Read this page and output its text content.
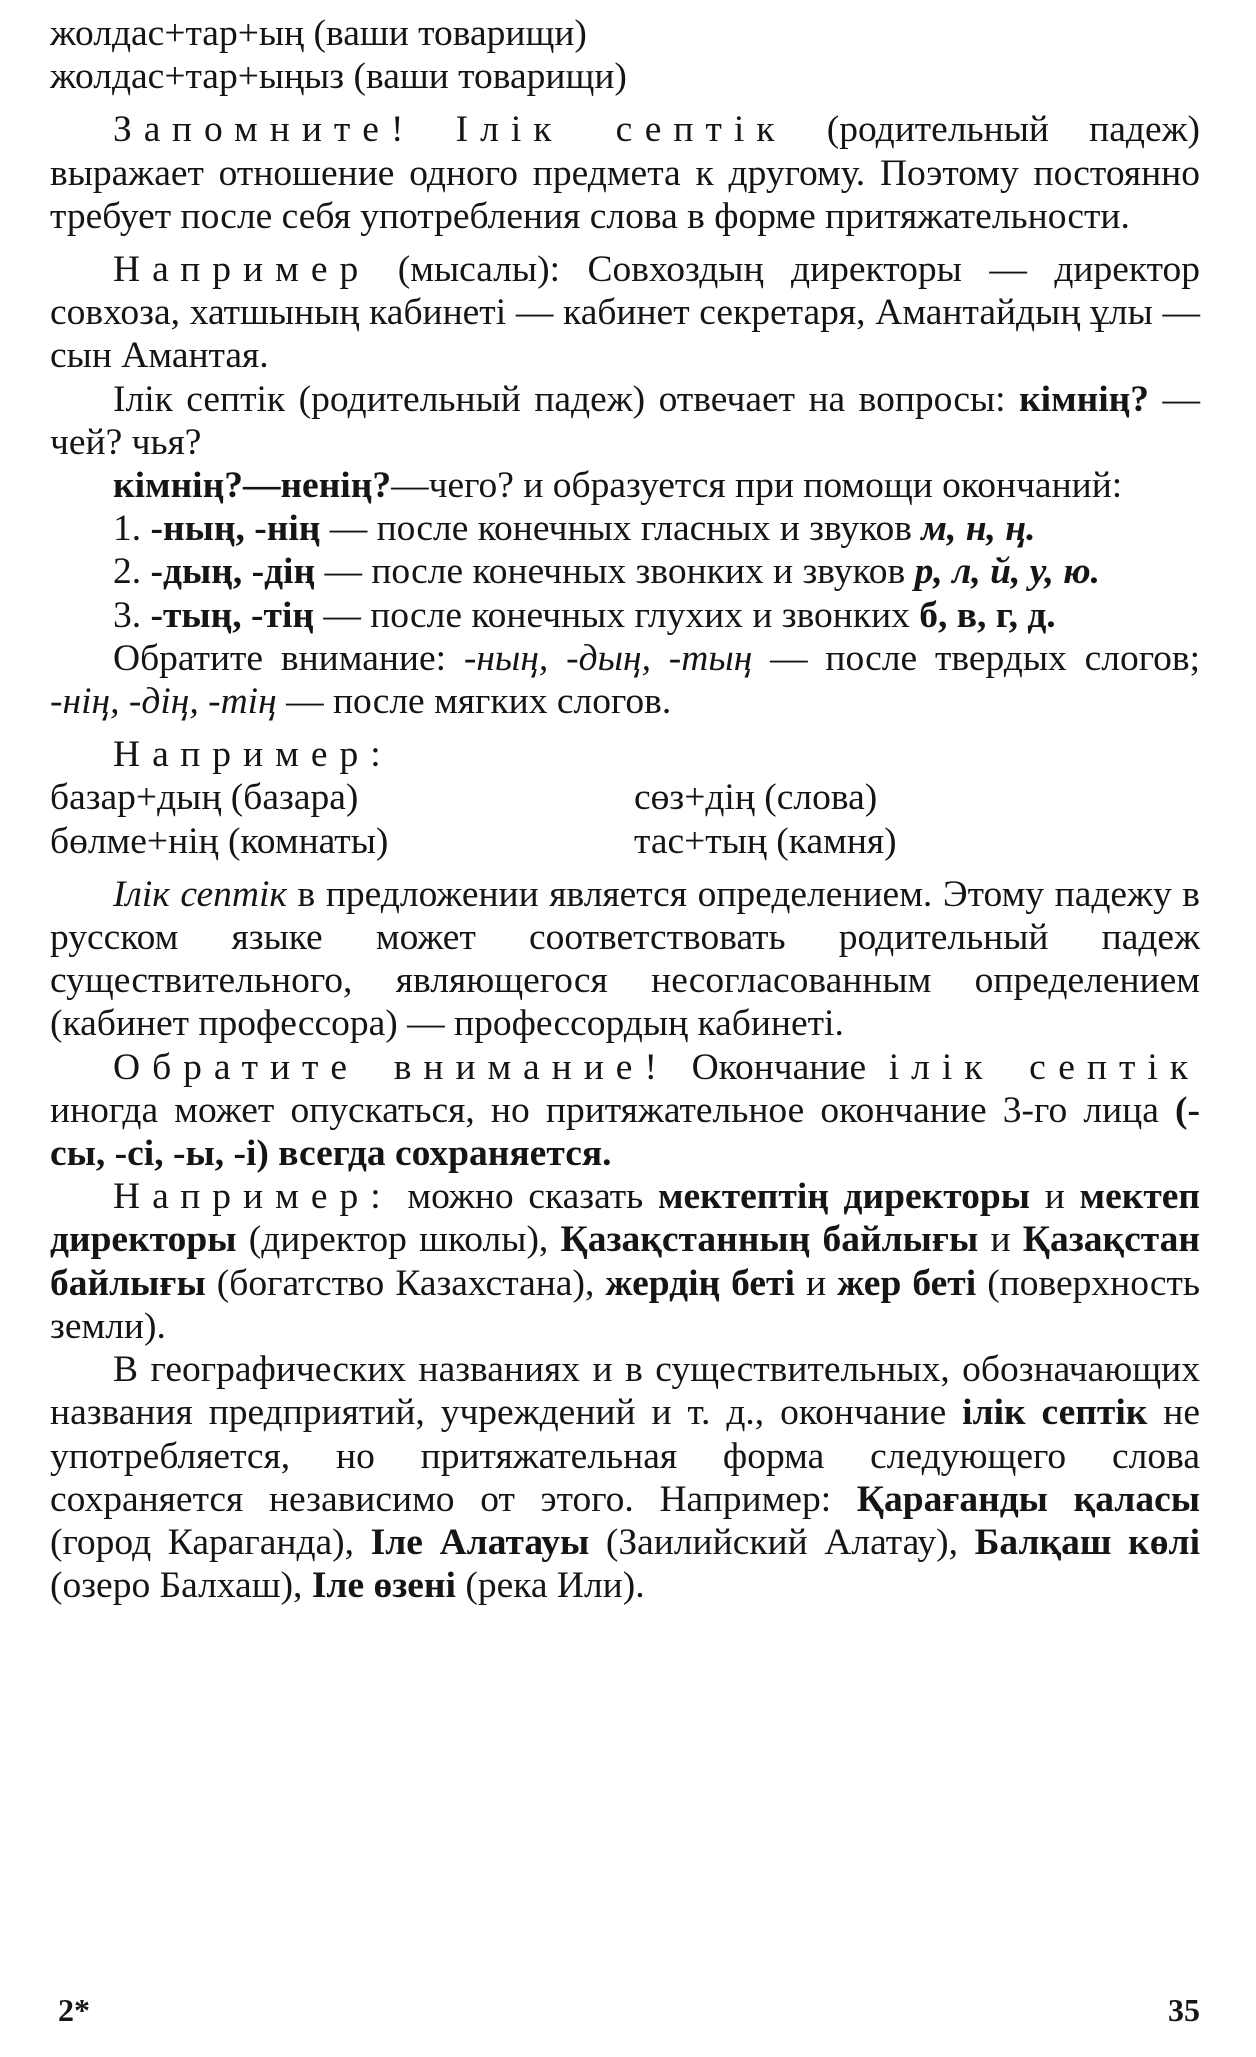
жолдас+тар+ың (ваши товарищи)

жолдас+тар+ыңыз (ваши товарищи)

Запомните! Ілік септік (родительный падеж) выражает отношение одного предмета к другому. Поэтому постоянно требует после себя употребления слова в форме притяжательности.

Например (мысалы): Совхоздың директоры — директор совхоза, хатшының кабинеті — кабинет секретаря, Амантайдың ұлы — сын Амантая.

Ілік септік (родительный падеж) отвечает на вопросы: кімнің? — чей? чья?

кімнің?—ненің?—чего? и образуется при помощи окончаний:

1. -ның, -нің — после конечных гласных и звуков м, н, ң.

2. -дың, -дің — после конечных звонких и звуков р, л, й, у, ю.

3. -тың, -тің — после конечных глухих и звонких б, в, г, д.

Обратите внимание: -ның, -дың, -тың — после твердых слогов; -нің, -дің, -тің — после мягких слогов.

Например:

базар+дың (базара)	сөз+дің (слова)
бөлме+нің (комнаты)	тас+тың (камня)

Ілік септік в предложении является определением. Этому падежу в русском языке может соответствовать родительный падеж существительного, являющегося несогласованным определением (кабинет профессора) — профессордың кабинеті.

Обратите внимание! Окончание ілік септік иногда может опускаться, но притяжательное окончание 3-го лица (-сы, -сі, -ы, -і) всегда сохраняется.

Например: можно сказать мектептің директоры и мектеп директоры (директор школы), Қазақстанның байлығы и Қазақстан байлығы (богатство Казахстана), жердің беті и жер беті (поверхность земли).

В географических названиях и в существительных, обозначающих названия предприятий, учреждений и т. д., окончание ілік септік не употребляется, но притяжательная форма следующего слова сохраняется независимо от этого. Например: Қарағанды қаласы (город Караганда), Іле Алатауы (Заилийский Алатау), Балқаш көлі (озеро Балхаш), Іле өзені (река Или).

2*	35
